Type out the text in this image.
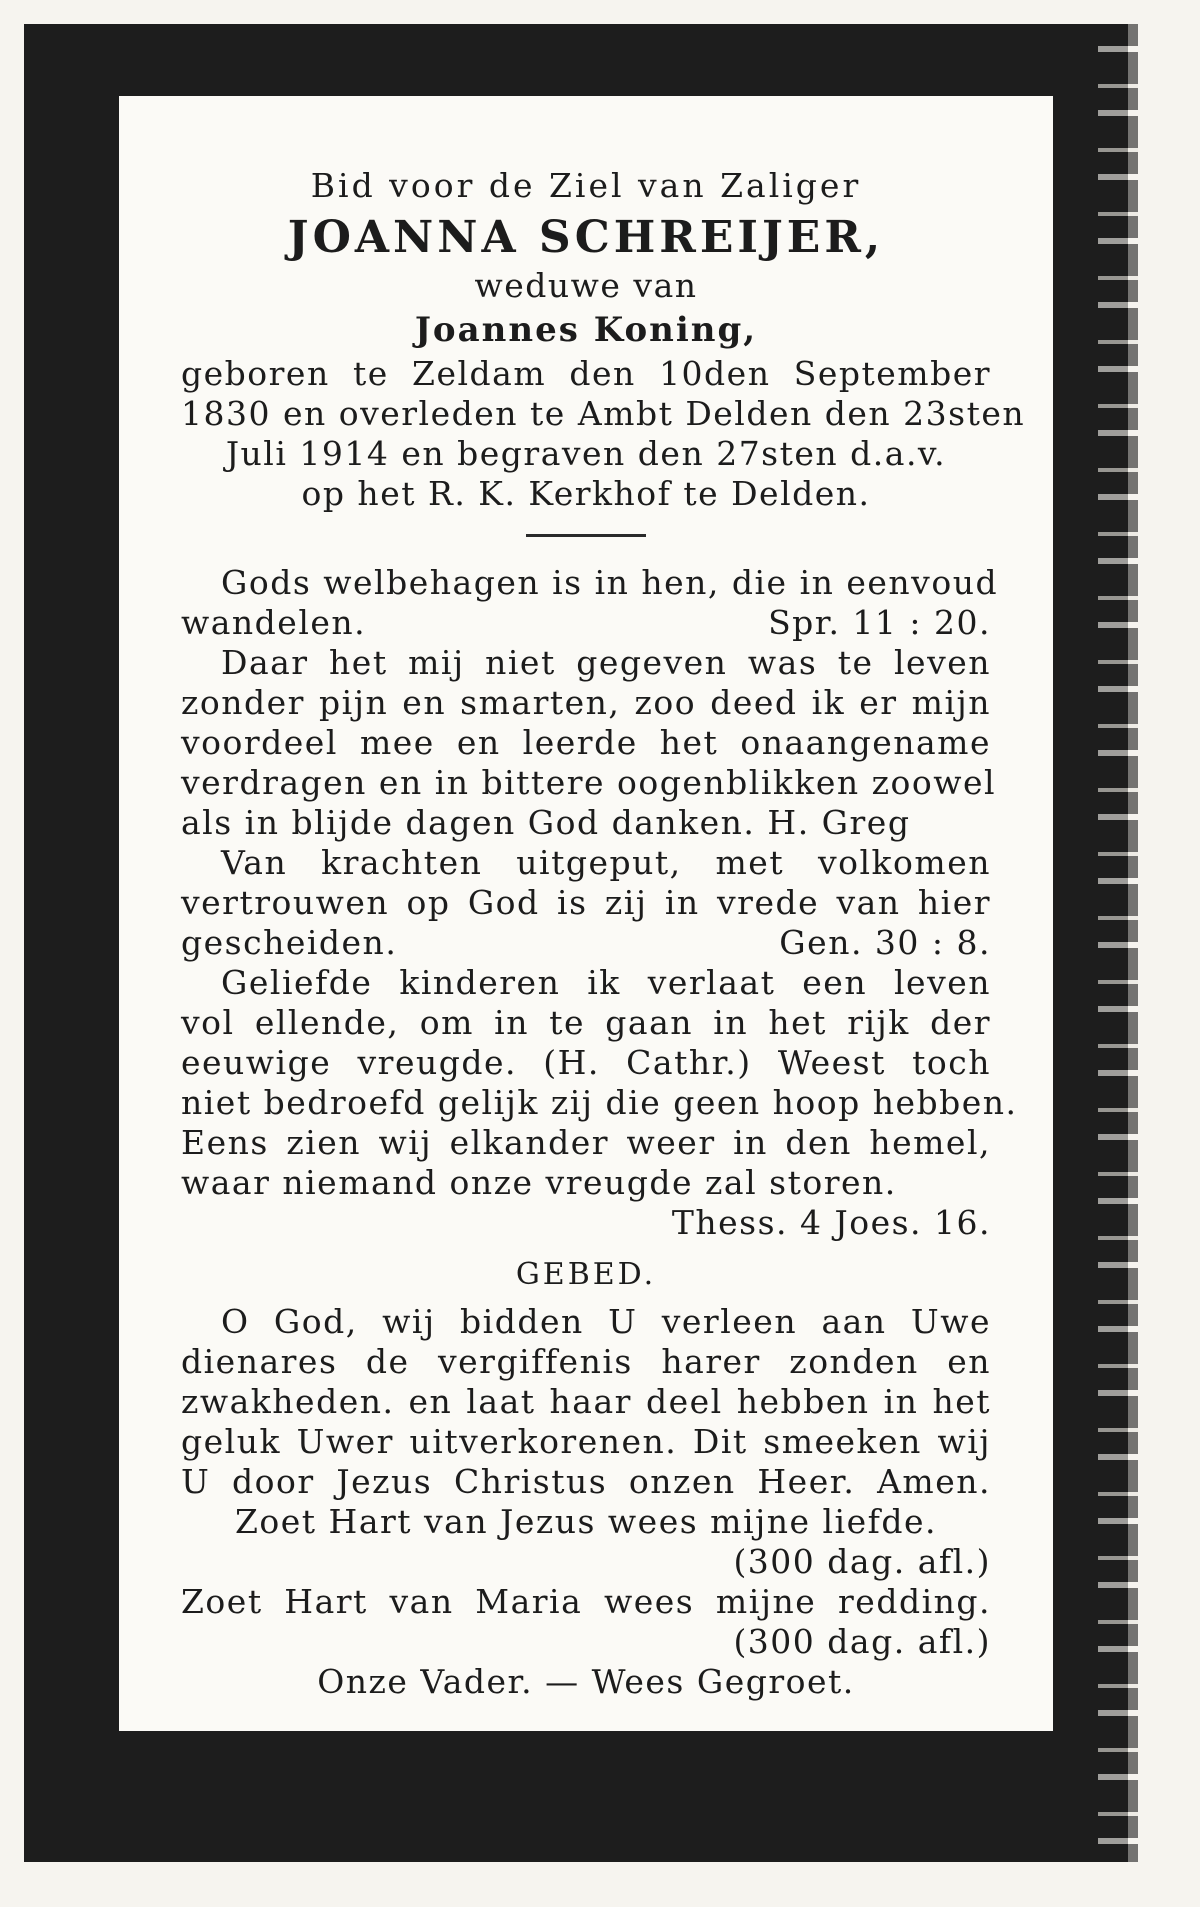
Bid voor de Ziel van Zaliger
JOANNA SCHREIJER,
weduwe van
Joannes Koning,
geboren te Zeldam den 10den September
1830 en overleden te Ambt Delden den 23sten
Juli 1914 en begraven den 27sten d.a.v.
op het R. K. Kerkhof te Delden.
Gods welbehagen is in hen, die in eenvoud
wandelen.	Spr. 11 : 20.
Daar het mij niet gegeven was te leven
zonder pijn en smarten, zoo deed ik er mijn
voordeel mee en leerde het onaangename
verdragen en in bittere oogenblikken zoowel
als in blijde dagen God danken. H. Greg
Van krachten uitgeput, met volkomen
vertrouwen op God is zij in vrede van hier
gescheiden.	Gen. 30 : 8.
Geliefde kinderen ik verlaat een leven
vol ellende, om in te gaan in het rijk der
eeuwige vreugde. (H. Cathr.) Weest toch
niet bedroefd gelijk zij die geen hoop hebben.
Eens zien wij elkander weer in den hemel,
waar niemand onze vreugde zal storen.
Thess. 4 Joes. 16.
GEBED.
O God, wij bidden U verleen aan Uwe
dienares de vergiffenis harer zonden en
zwakheden. en laat haar deel hebben in het
geluk Uwer uitverkorenen. Dit smeeken wij
U door Jezus Christus onzen Heer. Amen.
Zoet Hart van Jezus wees mijne liefde.
(300 dag. afl.)
Zoet Hart van Maria wees mijne redding.
(300 dag. afl.)
Onze Vader. — Wees Gegroet.
